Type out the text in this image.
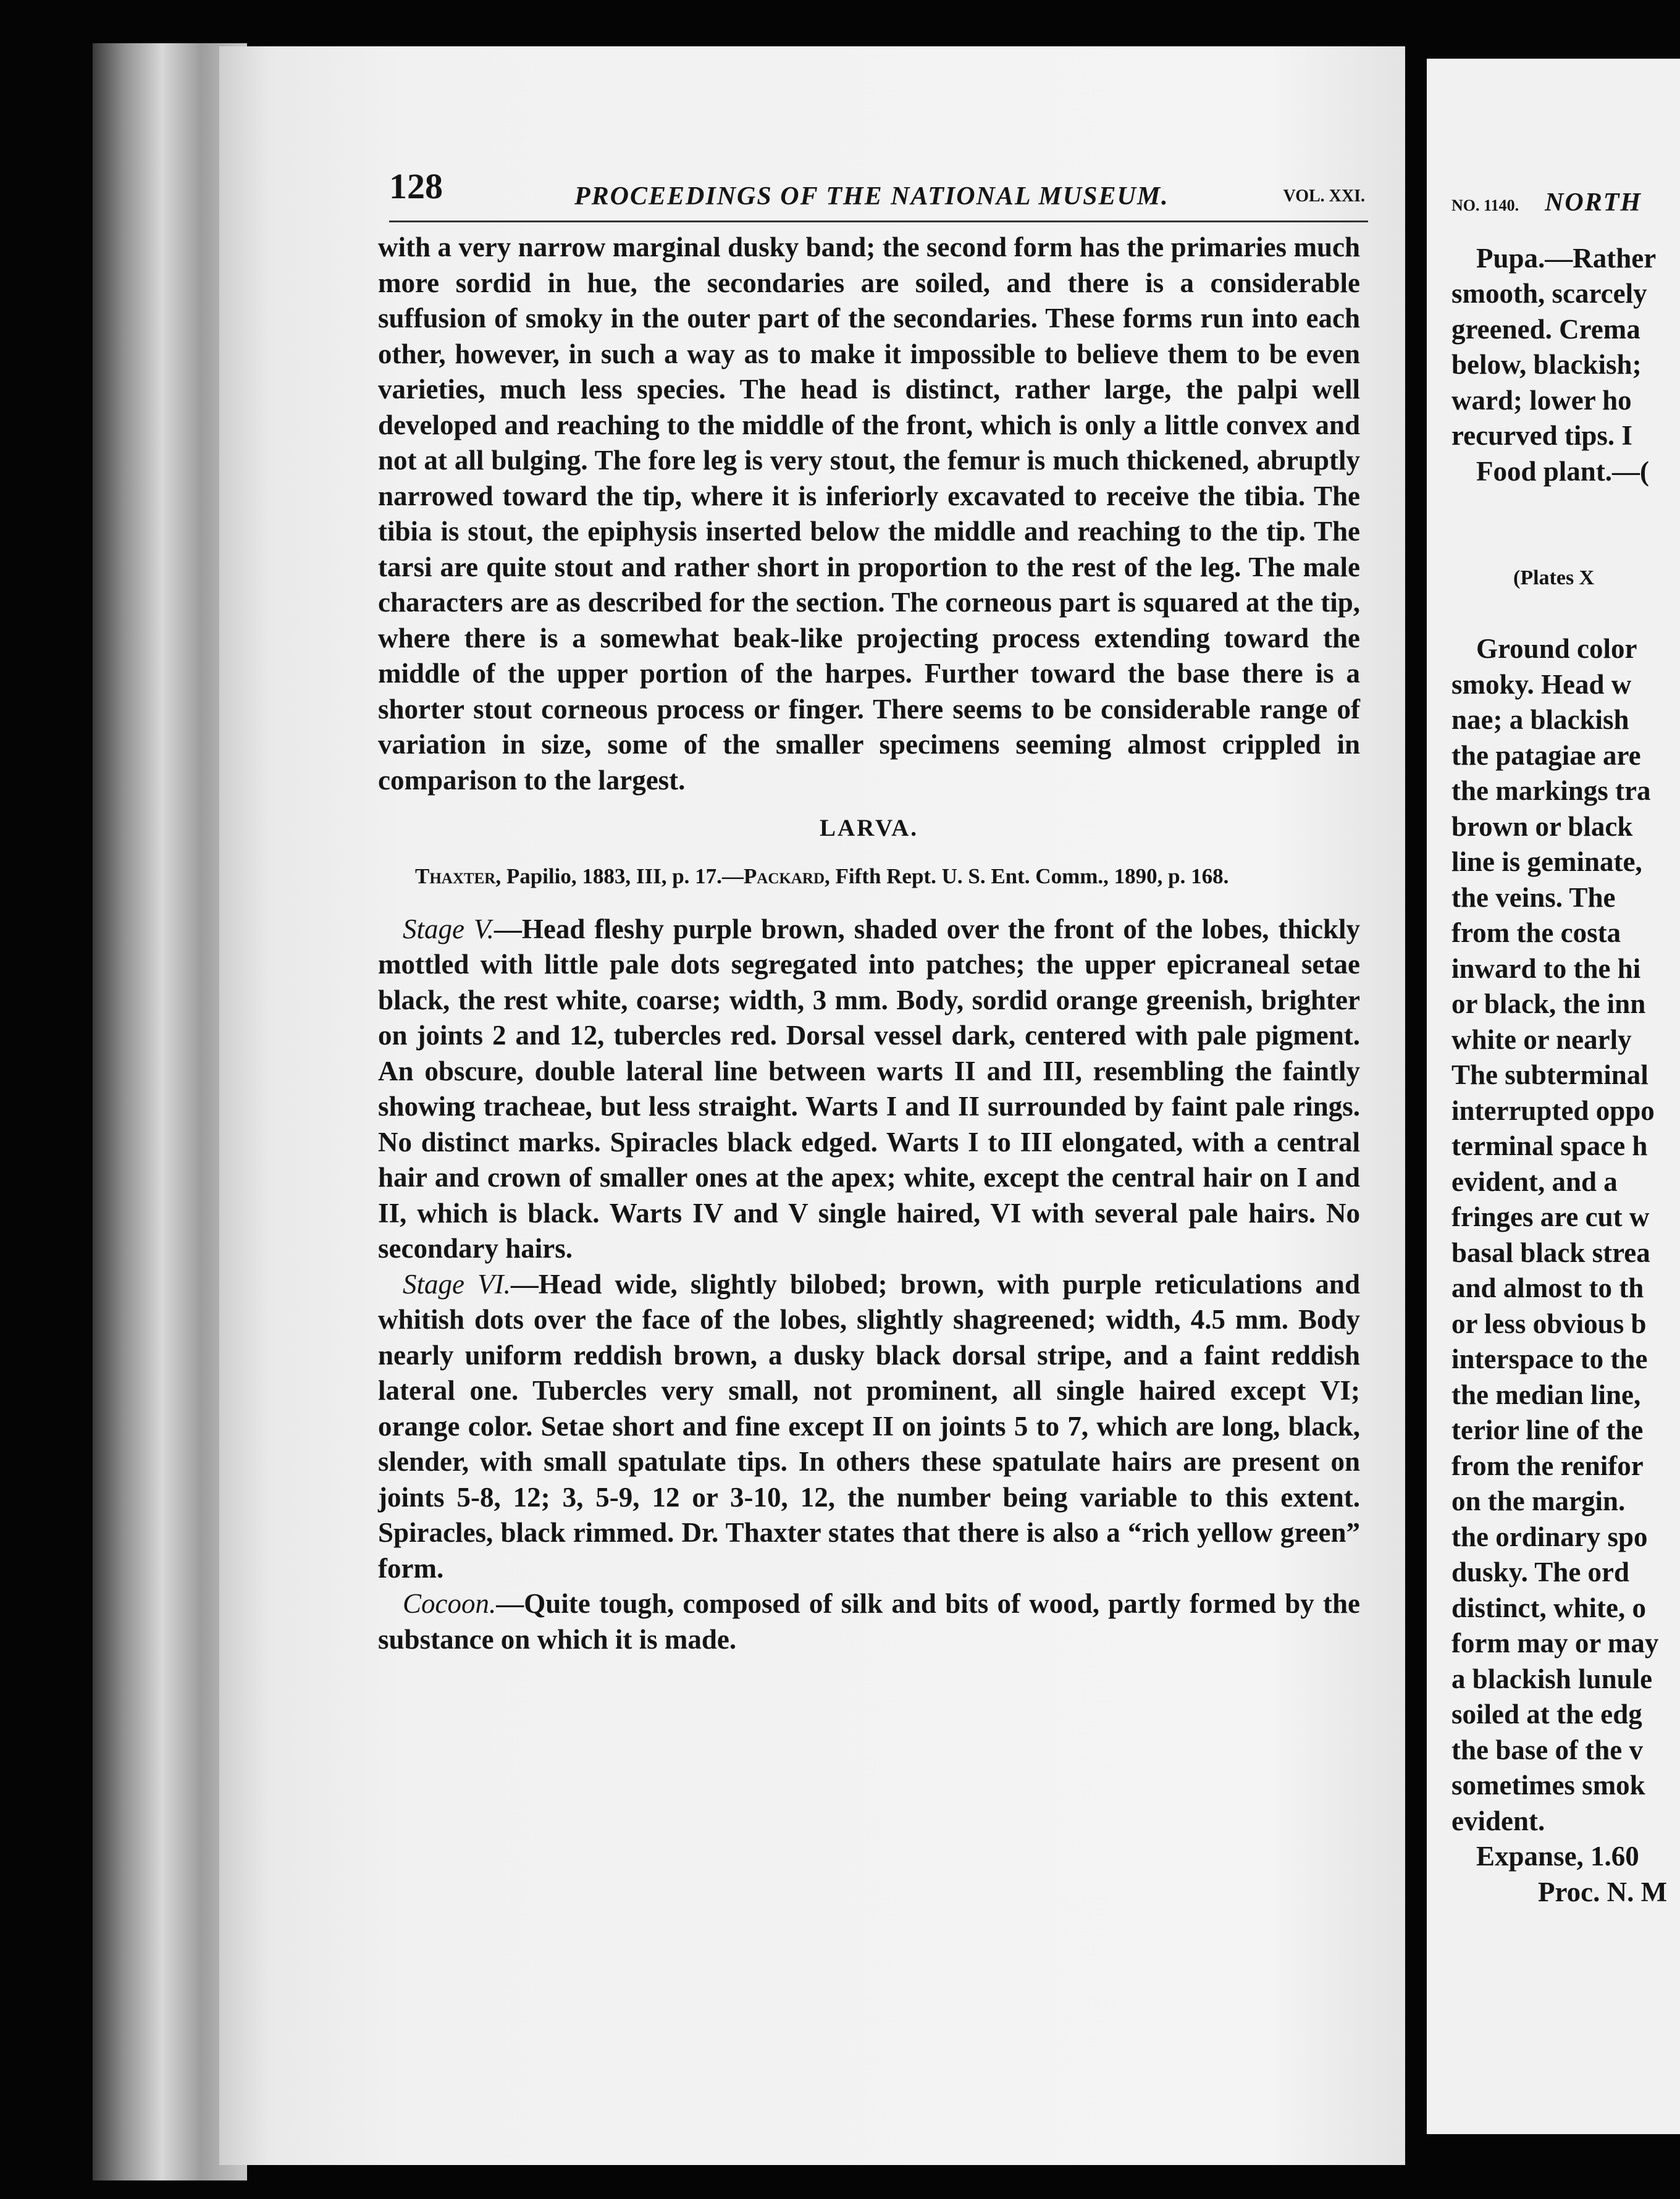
128	PROCEEDINGS OF THE NATIONAL MUSEUM.	VOL. XXI.

with a very narrow marginal dusky band; the second form has the primaries much more sordid in hue, the secondaries are soiled, and there is a considerable suffusion of smoky in the outer part of the secondaries. These forms run into each other, however, in such a way as to make it impossible to believe them to be even varieties, much less species. The head is distinct, rather large, the palpi well developed and reaching to the middle of the front, which is only a little convex and not at all bulging. The fore leg is very stout, the femur is much thickened, abruptly narrowed toward the tip, where it is inferiorly excavated to receive the tibia. The tibia is stout, the epiphysis inserted below the middle and reaching to the tip. The tarsi are quite stout and rather short in proportion to the rest of the leg. The male characters are as described for the section. The corneous part is squared at the tip, where there is a somewhat beak-like projecting process extending toward the middle of the upper portion of the harpes. Further toward the base there is a shorter stout corneous process or finger. There seems to be considerable range of variation in size, some of the smaller specimens seeming almost crippled in comparison to the largest.

LARVA.

Thaxter, Papilio, 1883, III, p. 17.—Packard, Fifth Rept. U. S. Ent. Comm., 1890, p. 168.

Stage V.—Head fleshy purple brown, shaded over the front of the lobes, thickly mottled with little pale dots segregated into patches; the upper epicraneal setae black, the rest white, coarse; width, 3 mm. Body, sordid orange greenish, brighter on joints 2 and 12, tubercles red. Dorsal vessel dark, centered with pale pigment. An obscure, double lateral line between warts II and III, resembling the faintly showing tracheae, but less straight. Warts I and II surrounded by faint pale rings. No distinct marks. Spiracles black edged. Warts I to III elongated, with a central hair and crown of smaller ones at the apex; white, except the central hair on I and II, which is black. Warts IV and V single haired, VI with several pale hairs. No secondary hairs.

Stage VI.—Head wide, slightly bilobed; brown, with purple reticulations and whitish dots over the face of the lobes, slightly shagreened; width, 4.5 mm. Body nearly uniform reddish brown, a dusky black dorsal stripe, and a faint reddish lateral one. Tubercles very small, not prominent, all single haired except VI; orange color. Setae short and fine except II on joints 5 to 7, which are long, black, slender, with small spatulate tips. In others these spatulate hairs are present on joints 5-8, 12; 3, 5-9, 12 or 3-10, 12, the number being variable to this extent. Spiracles, black rimmed. Dr. Thaxter states that there is also a “rich yellow green” form.

Cocoon.—Quite tough, composed of silk and bits of wood, partly formed by the substance on which it is made.

NO. 1140. NORTH
Pupa.—Rather
smooth, scarcely
greened. Crema
below, blackish;
ward; lower ho
recurved tips. I
Food plant.—(
(Plates X
Ground color
smoky. Head w
nae; a blackish
the patagiae are
the markings tra
brown or black
line is geminate,
the veins. The
from the costa
inward to the hi
or black, the inn
white or nearly
The subterminal
interrupted oppo
terminal space h
evident, and a
fringes are cut w
basal black strea
and almost to th
or less obvious b
interspace to the
the median line,
terior line of the
from the renifor
on the margin.
the ordinary spo
dusky. The ord
distinct, white, o
form may or may
a blackish lunule
soiled at the edg
the base of the v
sometimes smok
evident.
Expanse, 1.60
Proc. N. M
